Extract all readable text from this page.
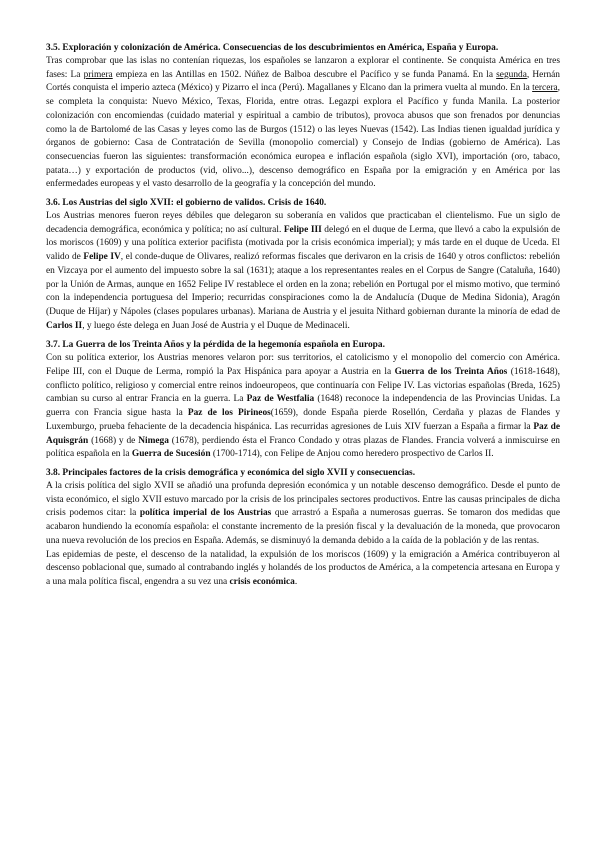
3.5. Exploración y colonización de América. Consecuencias de los descubrimientos en América, España y Europa.

Tras comprobar que las islas no contenían riquezas, los españoles se lanzaron a explorar el continente. Se conquista América en tres fases: La primera empieza en las Antillas en 1502. Núñez de Balboa descubre el Pacífico y se funda Panamá. En la segunda, Hernán Cortés conquista el imperio azteca (México) y Pizarro el inca (Perú). Magallanes y Elcano dan la primera vuelta al mundo. En la tercera, se completa la conquista: Nuevo México, Texas, Florida, entre otras. Legazpi explora el Pacífico y funda Manila. La posterior colonización con encomiendas (cuidado material y espiritual a cambio de tributos), provoca abusos que son frenados por denuncias como la de Bartolomé de las Casas y leyes como las de Burgos (1512) o las leyes Nuevas (1542). Las Indias tienen igualdad jurídica y órganos de gobierno: Casa de Contratación de Sevilla (monopolio comercial) y Consejo de Indias (gobierno de América). Las consecuencias fueron las siguientes: transformación económica europea e inflación española (siglo XVI), importación (oro, tabaco, patata…) y exportación de productos (vid, olivo...), descenso demográfico en España por la emigración y en América por las enfermedades europeas y el vasto desarrollo de la geografía y la concepción del mundo.

3.6. Los Austrias del siglo XVII: el gobierno de validos. Crisis de 1640.

Los Austrias menores fueron reyes débiles que delegaron su soberanía en validos que practicaban el clientelismo. Fue un siglo de decadencia demográfica, económica y política; no así cultural. Felipe III delegó en el duque de Lerma, que llevó a cabo la expulsión de los moriscos (1609) y una política exterior pacifista (motivada por la crisis económica imperial); y más tarde en el duque de Uceda. El valido de Felipe IV, el conde-duque de Olivares, realizó reformas fiscales que derivaron en la crisis de 1640 y otros conflictos: rebelión en Vizcaya por el aumento del impuesto sobre la sal (1631); ataque a los representantes reales en el Corpus de Sangre (Cataluña, 1640) por la Unión de Armas, aunque en 1652 Felipe IV restablece el orden en la zona; rebelión en Portugal por el mismo motivo, que terminó con la independencia portuguesa del Imperio; recurridas conspiraciones como la de Andalucía (Duque de Medina Sidonia), Aragón (Duque de Híjar) y Nápoles (clases populares urbanas). Mariana de Austria y el jesuita Nithard gobiernan durante la minoría de edad de Carlos II, y luego éste delega en Juan José de Austria y el Duque de Medinaceli.

3.7. La Guerra de los Treinta Años y la pérdida de la hegemonía española en Europa.

Con su política exterior, los Austrias menores velaron por: sus territorios, el catolicismo y el monopolio del comercio con América. Felipe III, con el Duque de Lerma, rompió la Pax Hispánica para apoyar a Austria en la Guerra de los Treinta Años (1618-1648), conflicto político, religioso y comercial entre reinos indoeuropeos, que continuaría con Felipe IV. Las victorias españolas (Breda, 1625) cambian su curso al entrar Francia en la guerra. La Paz de Westfalia (1648) reconoce la independencia de las Provincias Unidas. La guerra con Francia sigue hasta la Paz de los Pirineos(1659), donde España pierde Rosellón, Cerdaña y plazas de Flandes y Luxemburgo, prueba fehaciente de la decadencia hispánica. Las recurridas agresiones de Luis XIV fuerzan a España a firmar la Paz de Aquisgrán (1668) y de Nimega (1678), perdiendo ésta el Franco Condado y otras plazas de Flandes. Francia volverá a inmiscuirse en política española en la Guerra de Sucesión (1700-1714), con Felipe de Anjou como heredero prospectivo de Carlos II.

3.8. Principales factores de la crisis demográfica y económica del siglo XVII y consecuencias.

A la crisis política del siglo XVII se añadió una profunda depresión económica y un notable descenso demográfico. Desde el punto de vista económico, el siglo XVII estuvo marcado por la crisis de los principales sectores productivos. Entre las causas principales de dicha crisis podemos citar: la política imperial de los Austrias que arrastró a España a numerosas guerras. Se tomaron dos medidas que acabaron hundiendo la economía española: el constante incremento de la presión fiscal y la devaluación de la moneda, que provocaron una nueva revolución de los precios en España. Además, se disminuyó la demanda debido a la caída de la población y de las rentas.

Las epidemias de peste, el descenso de la natalidad, la expulsión de los moriscos (1609) y la emigración a América contribuyeron al descenso poblacional que, sumado al contrabando inglés y holandés de los productos de América, a la competencia artesana en Europa y a una mala política fiscal, engendra a su vez una crisis económica.
